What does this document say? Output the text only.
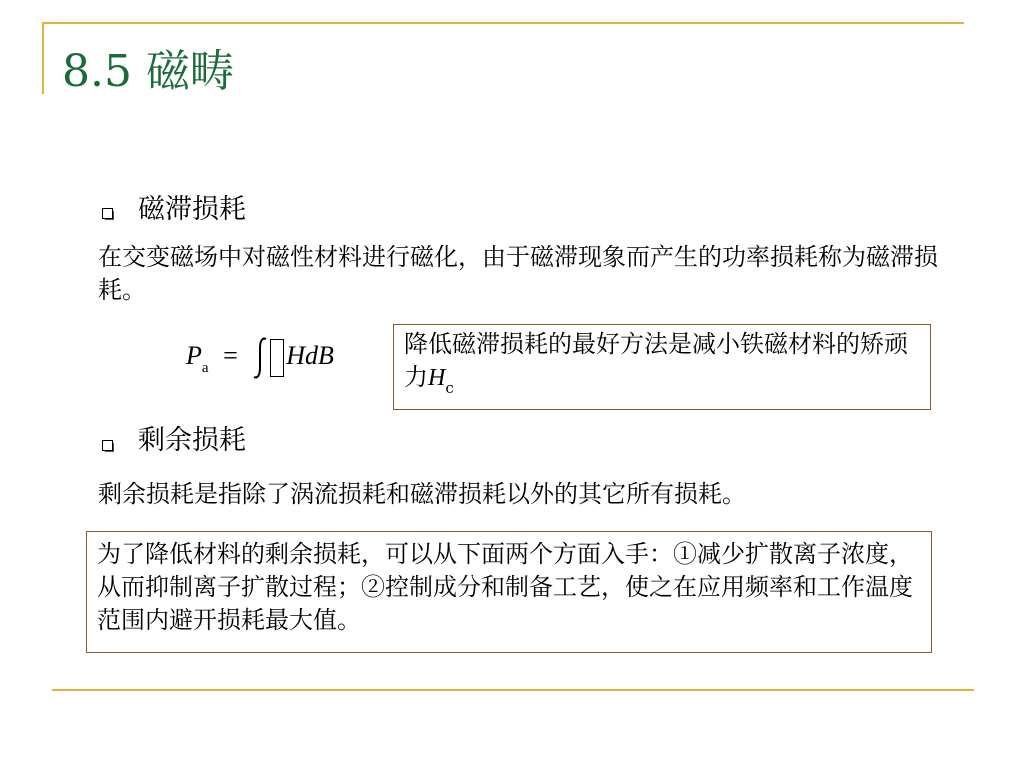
8.5 磁畴
磁滞损耗
在交变磁场中对磁性材料进行磁化，由于磁滞现象而产生的功率损耗称为磁滞损耗。
$P_a$ = HdB	降低磁滞损耗的最好方法是减小铁磁材料的矫顽力$H_c$
剩余损耗
剩余损耗是指除了涡流损耗和磁滞损耗以外的其它所有损耗。
为了降低材料的剩余损耗，可以从下面两个方面入手：①减少扩散离子浓度，从而抑制离子扩散过程；②控制成分和制备工艺，使之在应用频率和工作温度范围内避开损耗最大值。
